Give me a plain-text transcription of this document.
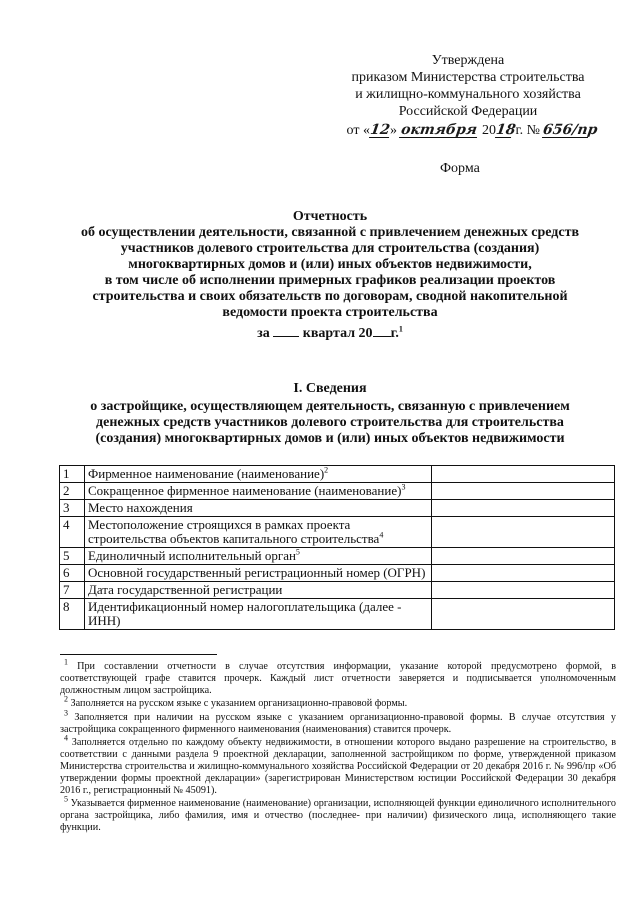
Утверждена
приказом Министерства строительства
и жилищно-коммунального хозяйства
Российской Федерации
от «12» октября 2018 г. № 656/пр
Форма
Отчетность
об осуществлении деятельности, связанной с привлечением денежных средств
участников долевого строительства для строительства (создания)
многоквартирных домов и (или) иных объектов недвижимости,
в том числе об исполнении примерных графиков реализации проектов
строительства и своих обязательств по договорам, сводной накопительной
ведомости проекта строительства
за квартал 20 г.$^1$
I. Сведения
о застройщике, осуществляющем деятельность, связанную с привлечением
денежных средств участников долевого строительства для строительства
(создания) многоквартирных домов и (или) иных объектов недвижимости
1	Фирменное наименование (наименование)$^2$	
2	Сокращенное фирменное наименование (наименование)$^3$	
3	Место нахождения	
4	Местоположение строящихся в рамках проекта строительства объектов капитального строительства$^4$	
5	Единоличный исполнительный орган$^5$	
6	Основной государственный регистрационный номер (ОГРН)	
7	Дата государственной регистрации	
8	Идентификационный номер налогоплательщика (далее - ИНН)	

$^1$ При составлении отчетности в случае отсутствия информации, указание которой предусмотрено формой, в соответствующей графе ставится прочерк. Каждый лист отчетности заверяется и подписывается уполномоченным должностным лицом застройщика.

$^2$ Заполняется на русском языке с указанием организационно-правовой формы.

$^3$ Заполняется при наличии на русском языке с указанием организационно-правовой формы. В случае отсутствия у застройщика сокращенного фирменного наименования (наименования) ставится прочерк.

$^4$ Заполняется отдельно по каждому объекту недвижимости, в отношении которого выдано разрешение на строительство, в соответствии с данными раздела 9 проектной декларации, заполненной застройщиком по форме, утвержденной приказом Министерства строительства и жилищно-коммунального хозяйства Российской Федерации от 20 декабря 2016 г. № 996/пр «Об утверждении формы проектной декларации» (зарегистрирован Министерством юстиции Российской Федерации 30 декабря 2016 г., регистрационный № 45091).

$^5$ Указывается фирменное наименование (наименование) организации, исполняющей функции единоличного исполнительного органа застройщика, либо фамилия, имя и отчество (последнее- при наличии) физического лица, исполняющего такие функции.
